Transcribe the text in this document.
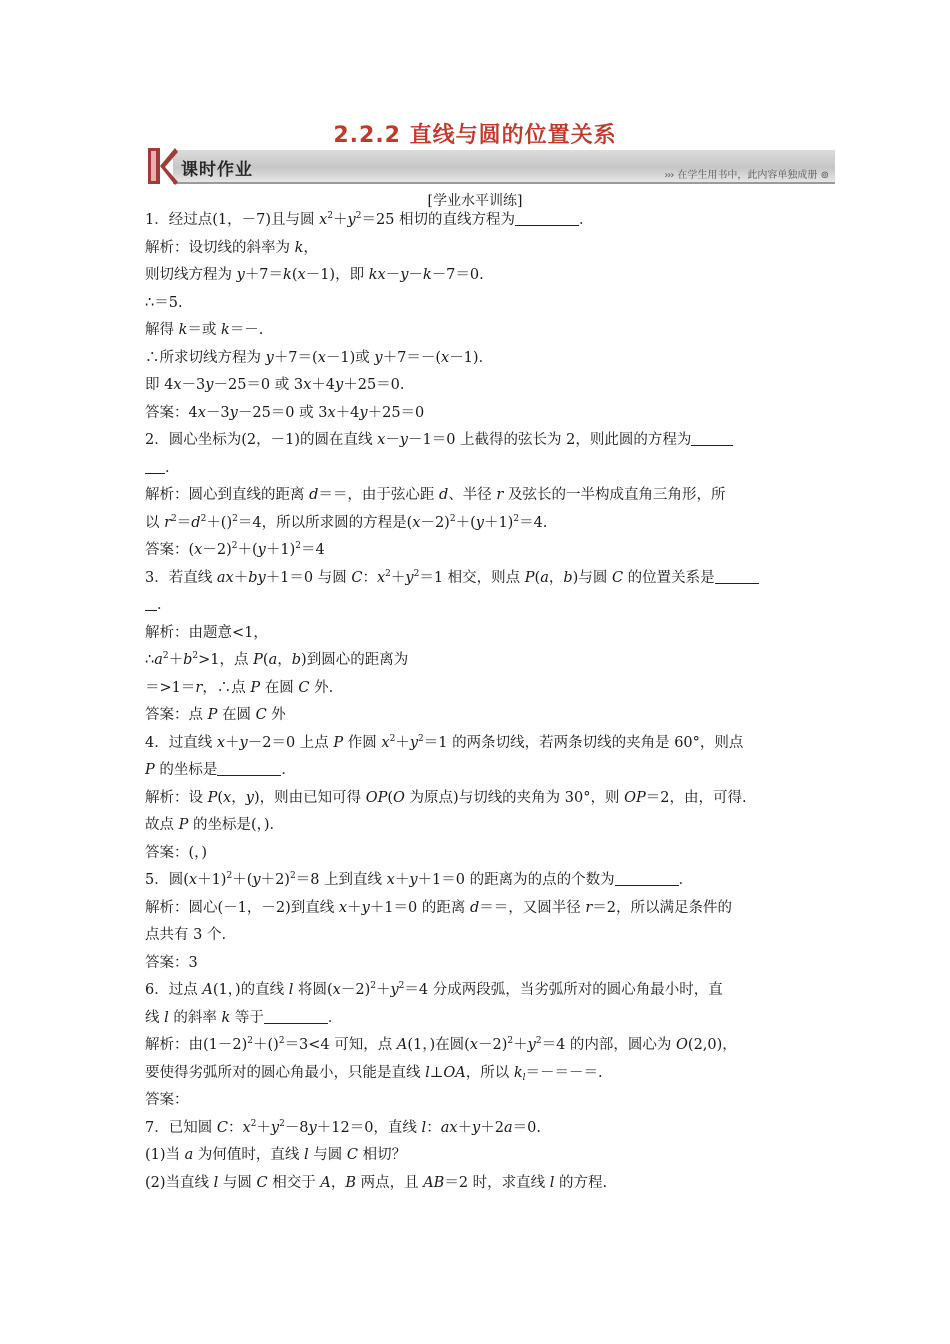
2.2.2 直线与圆的位置关系
课时作业	››› 在学生用书中，此内容单独成册 ⊚
[学业水平训练]
1．经过点(1，－7)且与圆 $x^2+y^2=25$ 相切的直线方程为	．
解析：设切线的斜率为 k，
则切线方程为 y＋7＝k(x－1)，即 kx－y－k－7＝0.
∴＝5.
解得 k＝或 k＝－.
∴所求切线方程为 y＋7＝(x－1)或 y＋7＝－(x－1)．
即 4x－3y－25＝0 或 3x＋4y＋25＝0.
答案：4x－3y－25＝0 或 3x＋4y＋25＝0
2．圆心坐标为(2，－1)的圆在直线 x－y－1＝0 上截得的弦长为 2，则此圆的方程为
．
解析：圆心到直线的距离 d＝＝，由于弦心距 d、半径 r 及弦长的一半构成直角三角形，所
以 $r^2=d^2+()^2=4$，所以所求圆的方程是$(x-2)^2+(y+1)^2=4$.
答案：$(x-2)^2+(y+1)^2=4$
3．若直线 ax＋by＋1＝0 与圆 C：$x^2+y^2=1$ 相交，则点 P(a，b)与圆 C 的位置关系是
．
解析：由题意<1，
$\therefore a^2+b^2>1$，点 P(a，b)到圆心的距离为
＝>1＝r，∴点 P 在圆 C 外.
答案：点 P 在圆 C 外
4．过直线 x＋y－2＝0 上点 P 作圆 $x^2+y^2=1$ 的两条切线，若两条切线的夹角是 60°，则点
P 的坐标是	．
解析：设 P(x，y)，则由已知可得 OP(O 为原点)与切线的夹角为 30°，则 OP＝2，由，可得.
故点 P 的坐标是(，)．
答案：(，)
5．圆$(x+1)^2+(y+2)^2=8$ 上到直线 x＋y＋1＝0 的距离为的点的个数为	．
解析：圆心(－1，－2)到直线 x＋y＋1＝0 的距离 d＝＝，又圆半径 r＝2，所以满足条件的
点共有 3 个.
答案：3
6．过点 A(1，)的直线 l 将圆$(x-2)^2+y^2=4$ 分成两段弧，当劣弧所对的圆心角最小时，直
线 l 的斜率 k 等于	．
解析：由$(1-2)^2+()^2=3<4$ 可知，点 A(1，)在圆$(x-2)^2+y^2=4$ 的内部，圆心为 O(2,0)，
要使得劣弧所对的圆心角最小，只能是直线 l⊥OA，所以 $k_l=-=-=$.
答案：
7．已知圆 C：$x^2+y^2-8y+12=0$，直线 l：ax＋y＋2a＝0.
(1)当 a 为何值时，直线 l 与圆 C 相切？
(2)当直线 l 与圆 C 相交于 A，B 两点，且 AB＝2 时，求直线 l 的方程.
